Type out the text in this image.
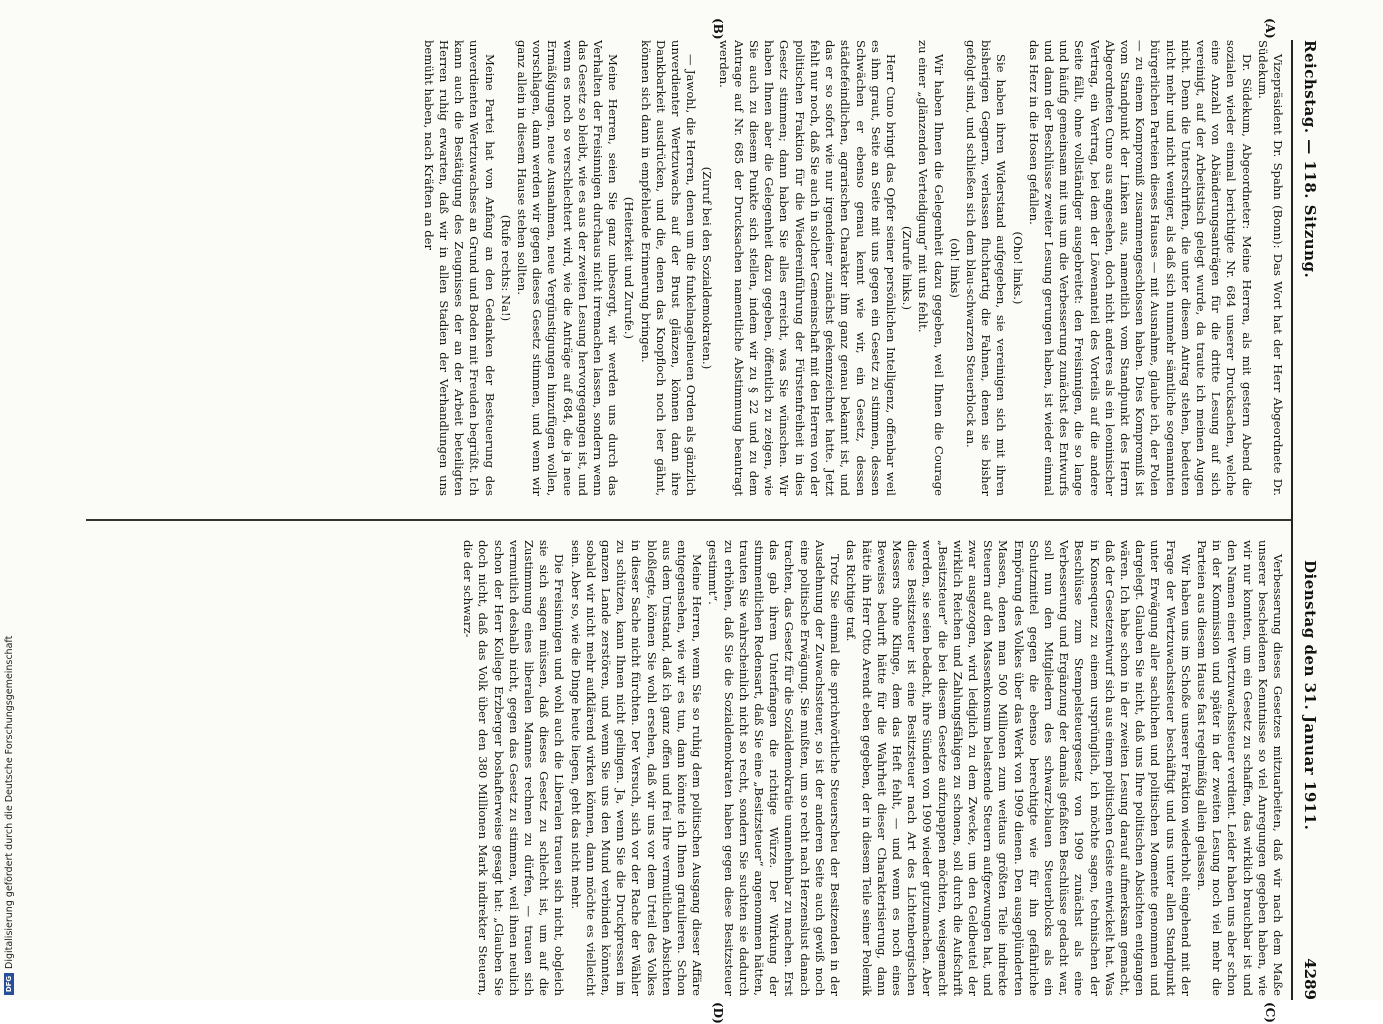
Reichstag. — 118. Sitzung.
Dienstag den 31. Januar 1911.
4289
(A)
(B)
(C)
(D)

Vizepräsident Dr. Spahn (Bonn): Das Wort hat der Herr Abgeordnete Dr. Südekum.

Dr. Südekum, Abgeordneter: Meine Herren, als mit gestern Abend die sozialen wieder einmal berichtigte Nr. 684 unserer Drucksachen, welche eine Anzahl von Abänderungsanträgen für die dritte Lesung auf sich vereinigt, auf der Arbeitstisch gelegt wurde, da traute ich meinen Augen nicht. Denn die Unterschriften, die unter diesem Antrag stehen, bedeuten nicht mehr und nicht weniger, als daß sich nunmehr sämtliche sogenannten bürgerlichen Parteien dieses Hauses — mit Ausnahme, glaube ich, der Polen — zu einem Kompromiß zusammengeschlossen haben. Dies Kompromiß ist vom Standpunkt der Linken aus, namentlich vom Standpunkt des Herrn Abgeordneten Cuno aus angesehen, doch nicht anderes als ein leoninischer Vertrag, ein Vertrag, bei dem der Löwenanteil des Vorteils auf die andere Seite fällt, ohne vollständiger ausgebreitet: den Freisinnigen, die so lange und häufig gemeinsam mit uns um die Verbesserung zunächst des Entwurfs und dann der Beschlüsse zweiter Lesung gerungen haben, ist wieder einmal das Herz in die Hosen gefallen.

(Oho! links.)

Sie haben ihren Widerstand aufgegeben, sie vereinigen sich mit ihren bisherigen Gegnern, verlassen fluchtartig die Fahnen, denen sie bisher gefolgt sind, und schließen sich dem blau-schwarzen Steuerblock an.

(oh! links)

Wir haben Ihnen die Gelegenheit dazu gegeben, weil Ihnen die Courage zu einer „glänzenden Verteidigung“ mit uns fehlt.

(Zurufe links.)

Herr Cuno bringt das Opfer seiner persönlichen Intelligenz, offenbar weil es ihm graut, Seite an Seite mit uns gegen ein Gesetz zu stimmen, dessen Schwächen er ebenso genau kennt wie wir, ein Gesetz, dessen städtefeindlichen, agrarischen Charakter ihm ganz genau bekannt ist, und das er so sofort wie nur irgendeiner zunächst gekennzeichnet hatte. Jetzt fehlt nur noch, daß Sie auch in solcher Gemeinschaft mit den Herren von der politischen Fraktion für die Wiedereinführung der Fürstenfreiheit in dies Gesetz stimmen; dann haben Sie alles erreicht, was Sie wünschen. Wir haben Ihnen aber die Gelegenheit dazu gegeben, öffentlich zu zeigen, wie Sie auch zu diesem Punkte sich stellen, indem wir zu § 22 und zu dem Antrage auf Nr. 685 der Drucksachen namentliche Abstimmung beantragt werden.

(Zuruf bei den Sozialdemokraten.)

— Jawohl, die Herren, denen um die funkelnagelneuen Orden als gänzlich unverdienter Wertzuwachs auf der Brust glänzen, können dann ihre Dankbarkeit ausdrücken, und die, denen das Knopfloch noch leer gähnt, können sich dann in empfehlende Erinnerung bringen.

(Heiterkeit und Zurufe.)

Meine Herren, seien Sie ganz unbesorgt, wir werden uns durch das Verhalten der Freisinnigen durchaus nicht irremachen lassen, sondern wenn das Gesetz so bleibt, wie es aus der zweiten Lesung hervorgegangen ist, und wenn es noch so verschlechtert wird, wie die Anträge auf 684, die ja neue Ermäßigungen, neue Ausnahmen, neue Vergünstigungen hinzufügen wollen, vorschlagen, dann werden wir gegen dieses Gesetz stimmen, und wenn wir ganz allein in diesem Hause stehen sollten.

(Rufe rechts: Na!)

Meine Partei hat von Anfang an den Gedanken der Besteuerung des unverdienten Wertzuwachses an Grund und Boden mit Freuden begrüßt. Ich kann auch die Bestätigung des Zeugnisses der an der Arbeit beteiligten Herren ruhig erwarten, daß wir in allen Stadien der Verhandlungen uns bemüht haben, nach Kräften an der

Verbesserung dieses Gesetzes mitzuarbeiten, daß wir nach dem Maße unserer bescheidenen Kenntnisse so viel Anregungen gegeben haben, wie wir nur konnten, um ein Gesetz zu schaffen, das wirklich brauchbar ist und den Namen einer Wertzuwachssteuer verdient. Leider haben uns aber schon in der Kommission und später in der zweiten Lesung noch viel mehr die Parteien aus diesem Hause fast regelmäßig allein gelassen.

Wir haben uns im Schoße unserer Fraktion wiederholt eingehend mit der Frage der Wertzuwachssteuer beschäftigt und uns unter allen Standpunkt unter Erwägung aller sachlichen und politischen Momente genommen und dargelegt. Glauben Sie nicht, daß uns Ihre politischen Absichten entgangen wären. Ich habe schon in der zweiten Lesung darauf aufmerksam gemacht, daß der Gesetzentwurf sich aus einem politischen Geiste entwickelt hat. Was in Konsequenz zu einem ursprünglich, ich möchte sagen, technischen der Beschlüsse zum Stempelsteuergesetz von 1909 zunächst als eine Verbesserung und Ergänzung der damals gefaßten Beschlüsse gedacht war, soll nun den Mitgliedern des schwarz-blauen Steuerblocks als ein Schutzmittel gegen die ebenso berechtigte wie für ihn gefährliche Empörung des Volkes über das Werk von 1909 dienen. Den ausgeplünderten Massen, denen man 500 Millionen zum weitaus größten Teile indirekte Steuern auf den Massenkonsum belastende Steuern aufgezwungen hat, und zwar ausgezogen, wird lediglich zu dem Zwecke, um den Geldbeutel der wirklich Reichen und Zahlungsfähigen zu schonen, soll durch die Aufschrift „Besitzsteuer“ die bei diesem Gesetze aufzupappen möchten, weisgemacht werden, sie seien bedacht, ihre Sünden von 1909 wieder gutzumachen. Aber diese Besitzsteuer ist eine Besitzsteuer nach Art des Lichtenbergischen Messers ohne Klinge, dem das Heft fehlt, — und wenn es noch eines Beweises bedurft hätte für die Wahrheit dieser Charakterisierung, dann hätte ihn Herr Otto Arendt eben gegeben, der in diesem Teile seiner Polemik das Richtige traf.

Trotz Sie einmal die sprichwörtliche Steuerscheu der Besitzenden in der Ausdehnung der Zuwachssteuer, so ist der anderen Seite auch gewiß noch eine politische Erwägung. Sie mußten, um so recht nach Herzenslust danach trachten, das Gesetz für die Sozialdemokratie unannehmbar zu machen. Erst das gab ihrem Unterfangen die richtige Würze. Der Wirkung der stimmentlichen Redensart, daß Sie eine „Besitzsteuer“ angenommen hätten, trauten Sie wahrscheinlich nicht so recht, sondern Sie suchten sie dadurch zu erhöhen, daß Sie die Sozialdemokraten haben gegen diese Besitzsteuer gestimmt“.

Meine Herren, wenn Sie so ruhig dem politischen Ausgang dieser Affäre entgegensehen, wie wir es tun, dann könnte ich Ihnen gratulieren. Schon aus dem Umstand, daß ich ganz offen und frei Ihre vermutlichen Absichten bloßlegte, können Sie wohl ersehen, daß wir uns vor dem Urteil des Volkes in dieser Sache nicht fürchten. Der Versuch, sich vor der Rache der Wähler zu schützen, kann Ihnen nicht gelingen. Ja, wenn Sie die Druckpressen im ganzen Lande zerstören, und wenn Sie uns den Mund verbinden könnten, sobald wir nicht mehr aufklärend wirken können, dann möchte es vielleicht sein. Aber so, wie die Dinge heute liegen, geht das nicht mehr.

Die Freisinnigen und wohl auch die Liberalen trauen sich nicht, obgleich sie sich sagen müssen, daß dieses Gesetz zu schlecht ist, um auf die Zustimmung eines liberalen Mannes rechnen zu dürfen, — trauen sich vermutlich deshalb nicht, gegen das Gesetz zu stimmen, weil ihnen neulich schon der Herr Kollege Erzberger boshafterweise gesagt hat: „Glauben Sie doch nicht, daß das Volk über den 380 Millionen Mark indirekter Steuern, die der schwarz-

DFG
Digitalisierung gefördert durch die Deutsche Forschungsgemeinschaft
